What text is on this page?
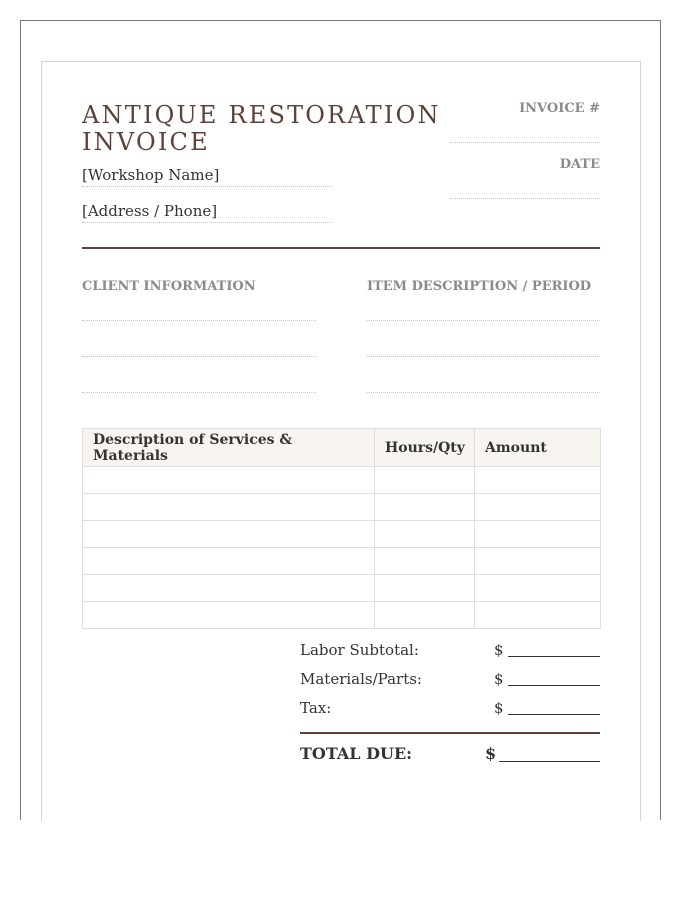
ANTIQUE RESTORATION
INVOICE
[Workshop Name]
[Address / Phone]
INVOICE #
DATE
CLIENT INFORMATION	ITEM DESCRIPTION / PERIOD
Description of Services & Materials	Hours/Qty	Amount

Labor Subtotal:	$
Materials/Parts:	$
Tax:	$
TOTAL DUE:	$
